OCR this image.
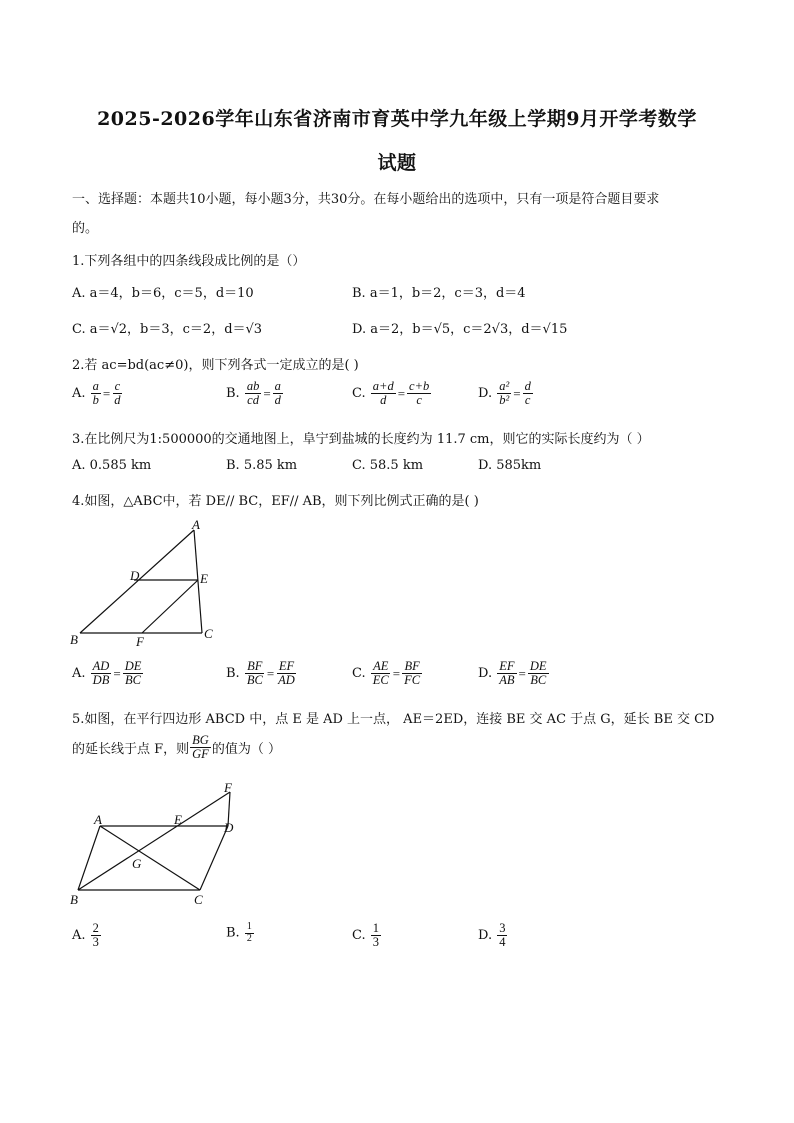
2025-2026学年山东省济南市育英中学九年级上学期9月开学考数学
试题
一、选择题：本题共10小题，每小题3分，共30分。在每小题给出的选项中，只有一项是符合题目要求
的。
1.下列各组中的四条线段成比例的是（）
A. a＝4，b＝6，c＝5，d＝10	B. a＝1，b＝2，c＝3，d＝4
C. a＝√2，b＝3，c＝2，d＝√3	D. a＝2，b＝√5，c＝2√3，d＝√15
2.若 ac=bd(ac≠0)，则下列各式一定成立的是( )
A. $\frac{a}{b} = \frac{c}{d}$	B. $\frac{ab}{cd} = \frac{a}{d}$	C. $\frac{a+d}{d} = \frac{c+b}{c}$	D. $\frac{\text{a²}}{\text{b²}} = \frac{d}{c}$
3.在比例尺为1:500000的交通地图上，阜宁到盐城的长度约为 11.7 cm，则它的实际长度约为（ ）
A. 0.585 km	B. 5.85 km	C. 58.5 km	D. 585km
4.如图，△ABC中，若 DE// BC，EF// AB，则下列比例式正确的是( )
A
B	C
D	E
F
A. $\frac{AD}{DB} = \frac{DE}{BC}$	B. $\frac{BF}{BC} = \frac{EF}{AD}$	C. $\frac{AE}{EC} = \frac{BF}{FC}$	D. $\frac{EF}{AB} = \frac{DE}{BC}$
5.如图，在平行四边形 ABCD 中，点 E 是 AD 上一点， AE＝2ED，连接 BE 交 AC 于点 G，延长 BE 交 CD
的延长线于点 F，则 $\frac{BG}{GF}$ 的值为（ ）
A
B	C
D
E
F
G
A. $\frac{2}{3}$	B. $\frac{1}{2}$	C. $\frac{1}{3}$	D. $\frac{3}{4}$
